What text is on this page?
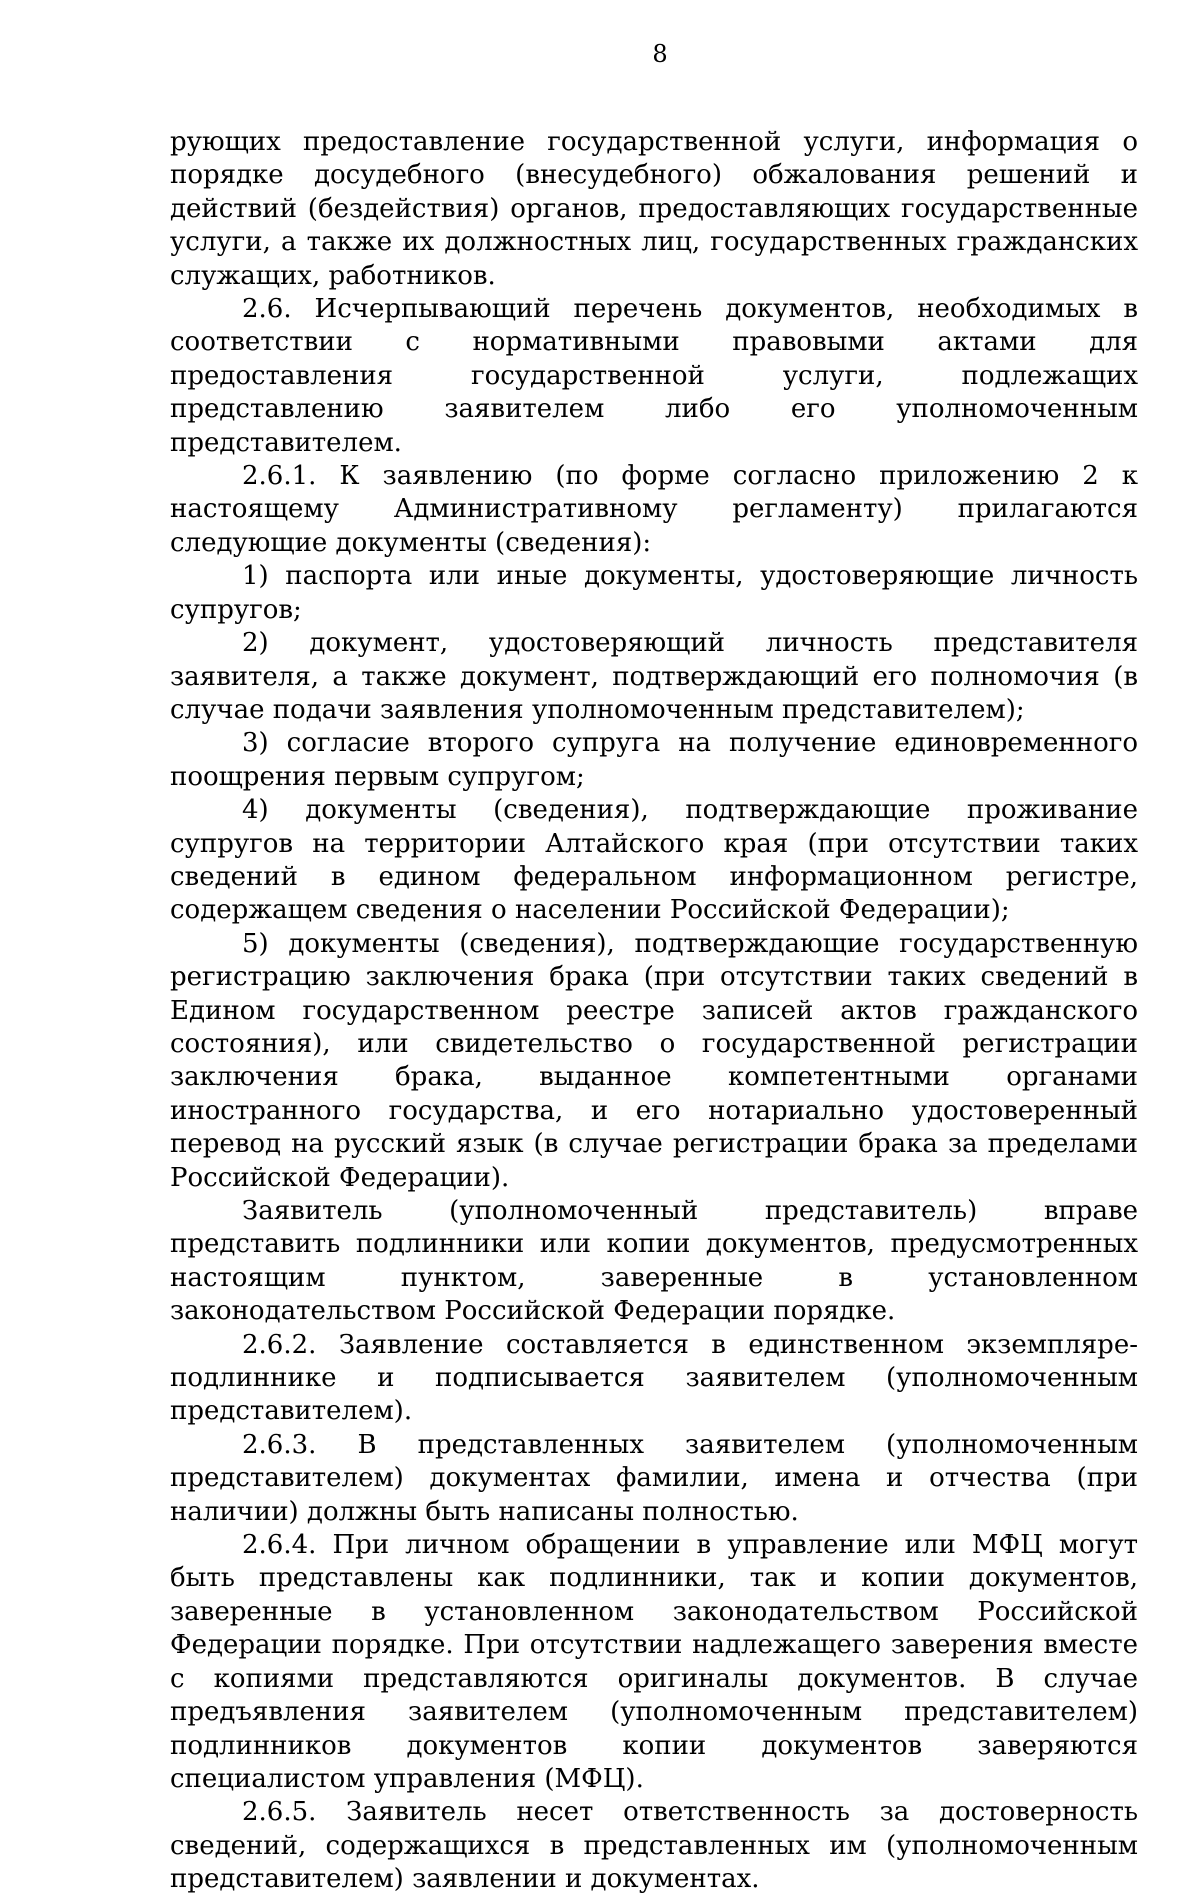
8

рующих предоставление государственной услуги, информация о порядке досудебного (внесудебного) обжалования решений и действий (бездействия) органов, предоставляющих государственные услуги, а также их должностных лиц, государственных гражданских служащих, работников.

2.6. Исчерпывающий перечень документов, необходимых в соответствии с нормативными правовыми актами для предоставления государственной услуги, подлежащих представлению заявителем либо его уполномоченным представителем.

2.6.1. К заявлению (по форме согласно приложению 2 к настоящему Административному регламенту) прилагаются следующие документы (сведения):

1) паспорта или иные документы, удостоверяющие личность супругов;

2) документ, удостоверяющий личность представителя заявителя, а также документ, подтверждающий его полномочия (в случае подачи заявления уполномоченным представителем);

3) согласие второго супруга на получение единовременного поощрения первым супругом;

4) документы (сведения), подтверждающие проживание супругов на территории Алтайского края (при отсутствии таких сведений в едином федеральном информационном регистре, содержащем сведения о населении Российской Федерации);

5) документы (сведения), подтверждающие государственную регистрацию заключения брака (при отсутствии таких сведений в Едином государственном реестре записей актов гражданского состояния), или свидетельство о государственной регистрации заключения брака, выданное компетентными органами иностранного государства, и его нотариально удостоверенный перевод на русский язык (в случае регистрации брака за пределами Российской Федерации).

Заявитель (уполномоченный представитель) вправе представить подлинники или копии документов, предусмотренных настоящим пунктом, заверенные в установленном законодательством Российской Федерации порядке.

2.6.2. Заявление составляется в единственном экземпляре-подлиннике и подписывается заявителем (уполномоченным представителем).

2.6.3. В представленных заявителем (уполномоченным представителем) документах фамилии, имена и отчества (при наличии) должны быть написаны полностью.

2.6.4. При личном обращении в управление или МФЦ могут быть представлены как подлинники, так и копии документов, заверенные в установленном законодательством Российской Федерации порядке. При отсутствии надлежащего заверения вместе с копиями представляются оригиналы документов. В случае предъявления заявителем (уполномоченным представителем) подлинников документов копии документов заверяются специалистом управления (МФЦ).

2.6.5. Заявитель несет ответственность за достоверность сведений, содержащихся в представленных им (уполномоченным представителем) заявлении и документах.
